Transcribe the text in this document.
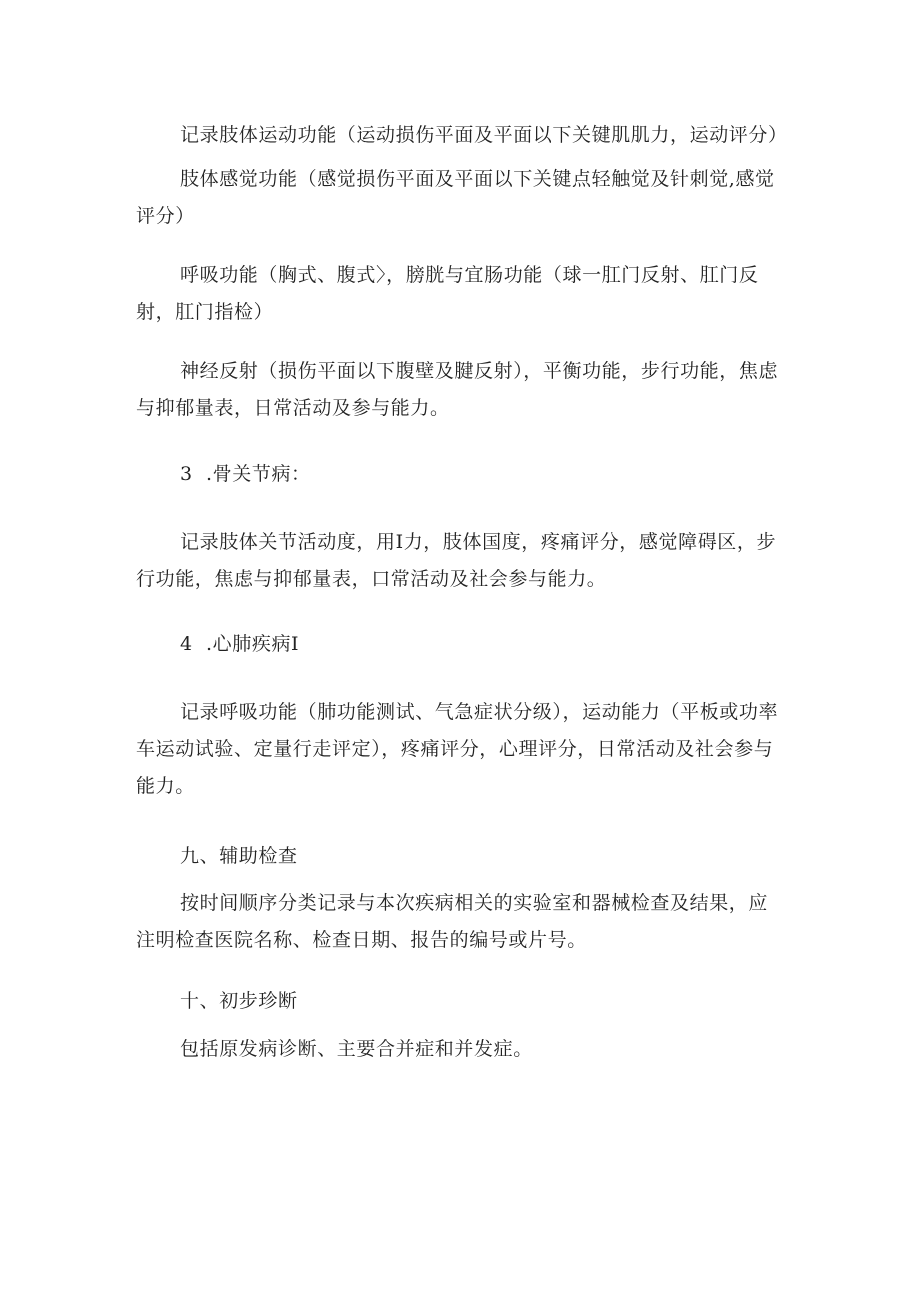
记录肢体运动功能（运动损伤平面及平面以下关键肌肌力，运动评分）

肢体感觉功能（感觉损伤平面及平面以下关键点轻触觉及针刺觉,感觉评分）

呼吸功能（胸式、腹式〉，膀胱与宜肠功能（球一肛门反射、肛门反射，肛门指检）

神经反射（损伤平面以下腹壁及腱反射），平衡功能，步行功能，焦虑与抑郁量表，日常活动及参与能力。

3 .骨关节病：

记录肢体关节活动度，用I力，肢体国度，疼痛评分，感觉障碍区，步行功能，焦虑与抑郁量表，口常活动及社会参与能力。

4 .心肺疾病I

记录呼吸功能（肺功能测试、气急症状分级），运动能力（平板或功率车运动试验、定量行走评定），疼痛评分，心理评分，日常活动及社会参与能力。

九、辅助检查

按时间顺序分类记录与本次疾病相关的实验室和器械检查及结果，应注明检查医院名称、检查日期、报告的编号或片号。

十、初步珍断

包括原发病诊断、主要合并症和并发症。
